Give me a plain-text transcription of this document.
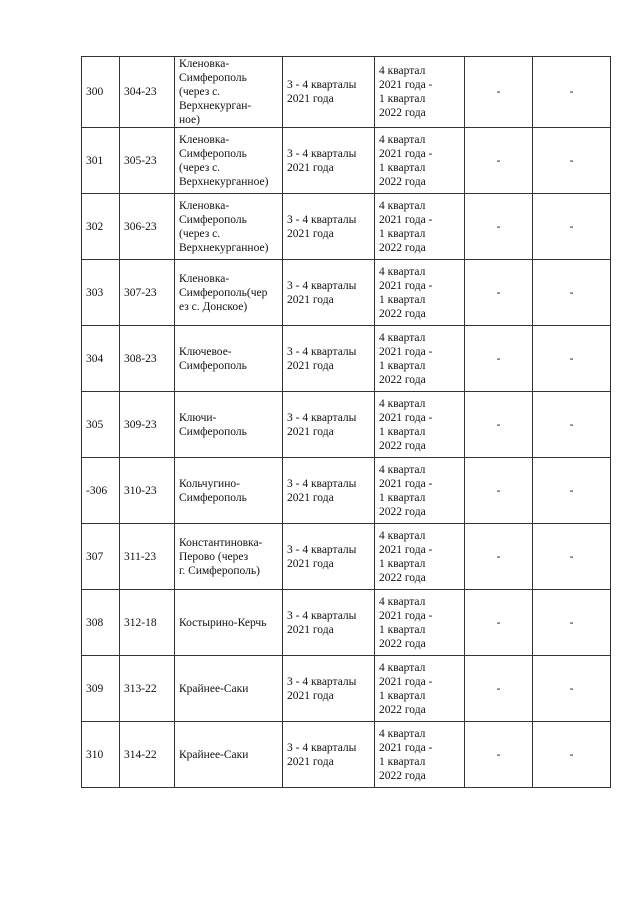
300	304-23	Кленовка-
Симферополь
(через с.
Верхнекурган-
ное)	3 - 4 кварталы
2021 года	4 квартал
2021 года -
1 квартал
2022 года	-	-
301	305-23	Кленовка-
Симферополь
(через с.
Верхнекурганное)	3 - 4 кварталы
2021 года	4 квартал
2021 года -
1 квартал
2022 года	-	-
302	306-23	Кленовка-
Симферополь
(через с.
Верхнекурганное)	3 - 4 кварталы
2021 года	4 квартал
2021 года -
1 квартал
2022 года	-	-
303	307-23	Кленовка-
Симферополь(чер
ез с. Донское)	3 - 4 кварталы
2021 года	4 квартал
2021 года -
1 квартал
2022 года	-	-
304	308-23	Ключевое-
Симферополь	3 - 4 кварталы
2021 года	4 квартал
2021 года -
1 квартал
2022 года	-	-
305	309-23	Ключи-
Симферополь	3 - 4 кварталы
2021 года	4 квартал
2021 года -
1 квартал
2022 года	-	-
-306	310-23	Кольчугино-
Симферополь	3 - 4 кварталы
2021 года	4 квартал
2021 года -
1 квартал
2022 года	-	-
307	311-23	Константиновка-
Перово (через
г. Симферополь)	3 - 4 кварталы
2021 года	4 квартал
2021 года -
1 квартал
2022 года	-	-
308	312-18	Костырино-Керчь	3 - 4 кварталы
2021 года	4 квартал
2021 года -
1 квартал
2022 года	-	-
309	313-22	Крайнее-Саки	3 - 4 кварталы
2021 года	4 квартал
2021 года -
1 квартал
2022 года	-	-
310	314-22	Крайнее-Саки	3 - 4 кварталы
2021 года	4 квартал
2021 года -
1 квартал
2022 года	-	-
